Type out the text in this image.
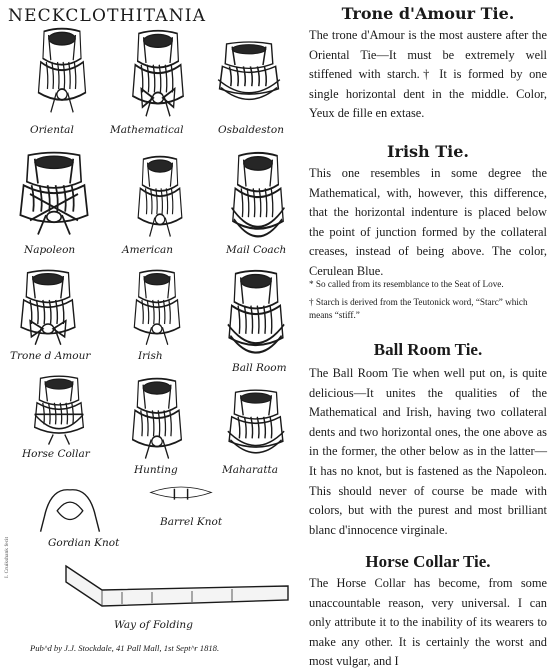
NECKCLOTHITANIA
Oriental	Mathematical	Osbaldeston
Napoleon	American	Mail Coach
Trone d Amour	Irish
Ball Room
Horse Collar
Hunting	Maharatta
Gordian Knot
Barrel Knot
Way of Folding
I. Cruikshank fecit
Pub^d by J.J. Stockdale, 41 Pall Mall, 1st Sept^r 1818.
Trone d'Amour Tie.

The trone d'Amour is the most austere after the Oriental Tie—It must be extremely well stiffened with starch.† It is formed by one single horizontal dent in the middle. Color, Yeux de fille en extase.

Irish Tie.

This one resembles in some degree the Mathematical, with, however, this difference, that the horizontal indenture is placed below the point of junction formed by the collateral creases, instead of being above. The color, Cerulean Blue.

* So called from its resemblance to the Seat of Love.

† Starch is derived from the Teutonick word, “Starc” which means “stiff.”

Ball Room Tie.

The Ball Room Tie when well put on, is quite delicious—It unites the qualities of the Mathematical and Irish, having two collateral dents and two horizontal ones, the one above as in the former, the other below as in the latter—It has no knot, but is fastened as the Napoleon. This should never of course be made with colors, but with the purest and most brilliant blanc d'innocence virginale.

Horse Collar Tie.

The Horse Collar has become, from some unaccountable reason, very universal. I can only attribute it to the inability of its wearers to make any other. It is certainly the worst and most vulgar, and I
